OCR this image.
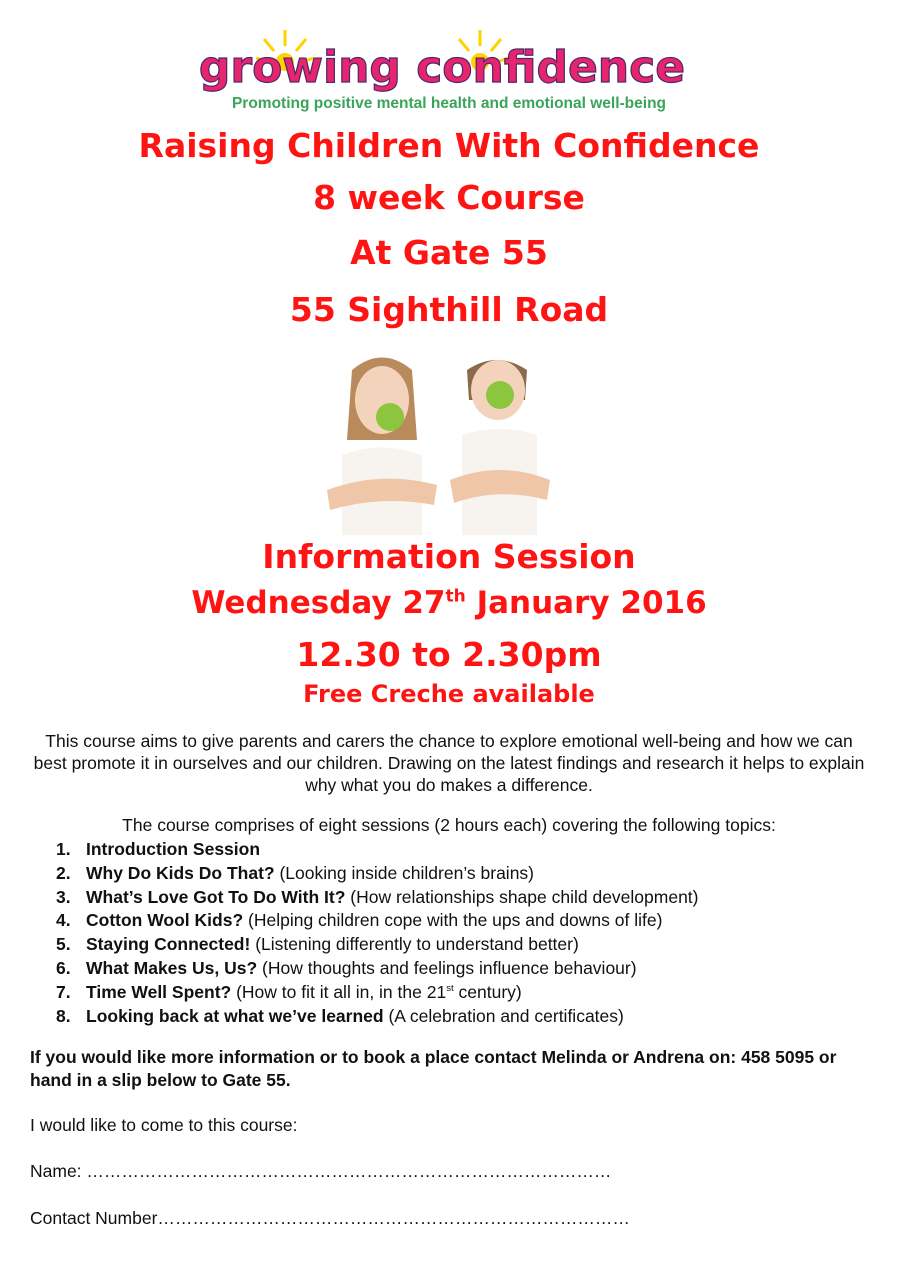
growing confidence
Promoting positive mental health and emotional well-being
Raising Children With Confidence
8 week Course
At Gate 55
55 Sighthill Road
Information Session
Wednesday 27th January 2016
12.30 to 2.30pm
Free Creche available
This course aims to give parents and carers the chance to explore emotional well-being and how we can best promote it in ourselves and our children. Drawing on the latest findings and research it helps to explain why what you do makes a difference.
The course comprises of eight sessions (2 hours each) covering the following topics:
1. Introduction Session
2. Why Do Kids Do That? (Looking inside children’s brains)
3. What’s Love Got To Do With It? (How relationships shape child development)
4. Cotton Wool Kids? (Helping children cope with the ups and downs of life)
5. Staying Connected! (Listening differently to understand better)
6. What Makes Us, Us? (How thoughts and feelings influence behaviour)
7. Time Well Spent? (How to fit it all in, in the 21st century)
8. Looking back at what we’ve learned (A celebration and certificates)
If you would like more information or to book a place contact Melinda or Andrena on: 458 5095 or hand in a slip below to Gate 55.
I would like to come to this course:
Name: ………………………………………………………………………………
Contact Number………………………………………………………………………
